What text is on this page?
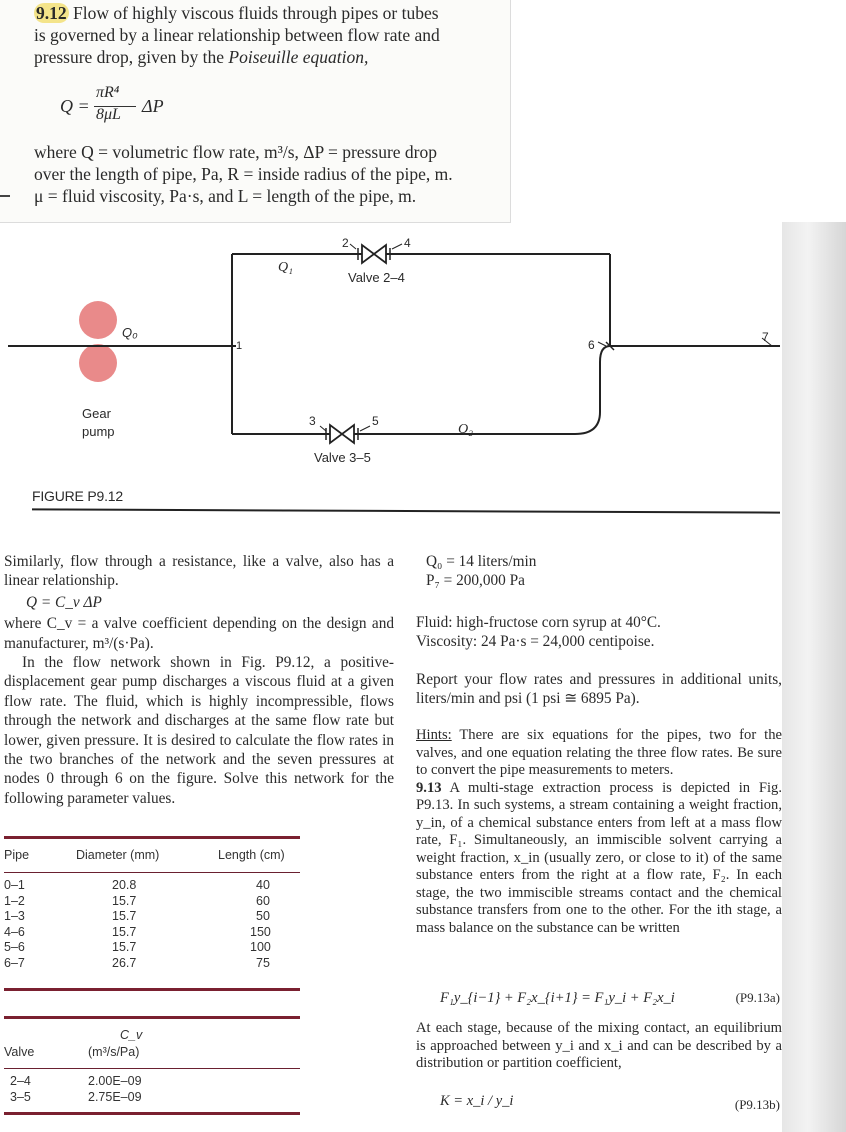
9.12 Flow of highly viscous fluids through pipes or tubes
is governed by a linear relationship between flow rate and
pressure drop, given by the Poiseuille equation,
Q =
πR⁴
8μL ΔP
where Q = volumetric flow rate, m³/s, ΔP = pressure drop
over the length of pipe, Pa, R = inside radius of the pipe, m.
μ = fluid viscosity, Pa·s, and L = length of the pipe, m.
Q₀
Gear
pump
Q₁
Q₂
Valve 2–4
Valve 3–5
1
2
3
4
5
6
7
FIGURE P9.12
Similarly, flow through a resistance, like a valve, also has a linear relationship.
Q = C_v ΔP
where C_v = a valve coefficient depending on the design and manufacturer, m³/(s·Pa).
In the flow network shown in Fig. P9.12, a positive-displacement gear pump discharges a viscous fluid at a given flow rate. The fluid, which is highly incompressible, flows through the network and discharges at the same flow rate but lower, given pressure. It is desired to calculate the flow rates in the two branches of the network and the seven pressures at nodes 0 through 6 on the figure. Solve this network for the following parameter values.
Pipe	Diameter (mm)	Length (cm)
0–1	20.8	40
1–2	15.7	60
1–3	15.7	50
4–6	15.7	150
5–6	15.7	100
6–7	26.7	75
Valve
C_v
(m³/s/Pa)
2–4	2.00E–09
3–5	2.75E–09
Q₀ = 14 liters/min
P₇ = 200,000 Pa
Fluid: high-fructose corn syrup at 40°C.
Viscosity: 24 Pa·s = 24,000 centipoise.
Report your flow rates and pressures in additional units, liters/min and psi (1 psi ≅ 6895 Pa).
Hints: There are six equations for the pipes, two for the valves, and one equation relating the three flow rates. Be sure to convert the pipe measurements to meters.
9.13 A multi-stage extraction process is depicted in Fig. P9.13. In such systems, a stream containing a weight fraction, y_in, of a chemical substance enters from left at a mass flow rate, F₁. Simultaneously, an immiscible solvent carrying a weight fraction, x_in (usually zero, or close to it) of the same substance enters from the right at a flow rate, F₂. In each stage, the two immiscible streams contact and the chemical substance transfers from one to the other. For the ith stage, a mass balance on the substance can be written
F₁y_{i−1} + F₂x_{i+1} = F₁y_i + F₂x_i	(P9.13a)
At each stage, because of the mixing contact, an equilibrium is approached between y_i and x_i and can be described by a distribution or partition coefficient,
K = x_i / y_i	(P9.13b)
